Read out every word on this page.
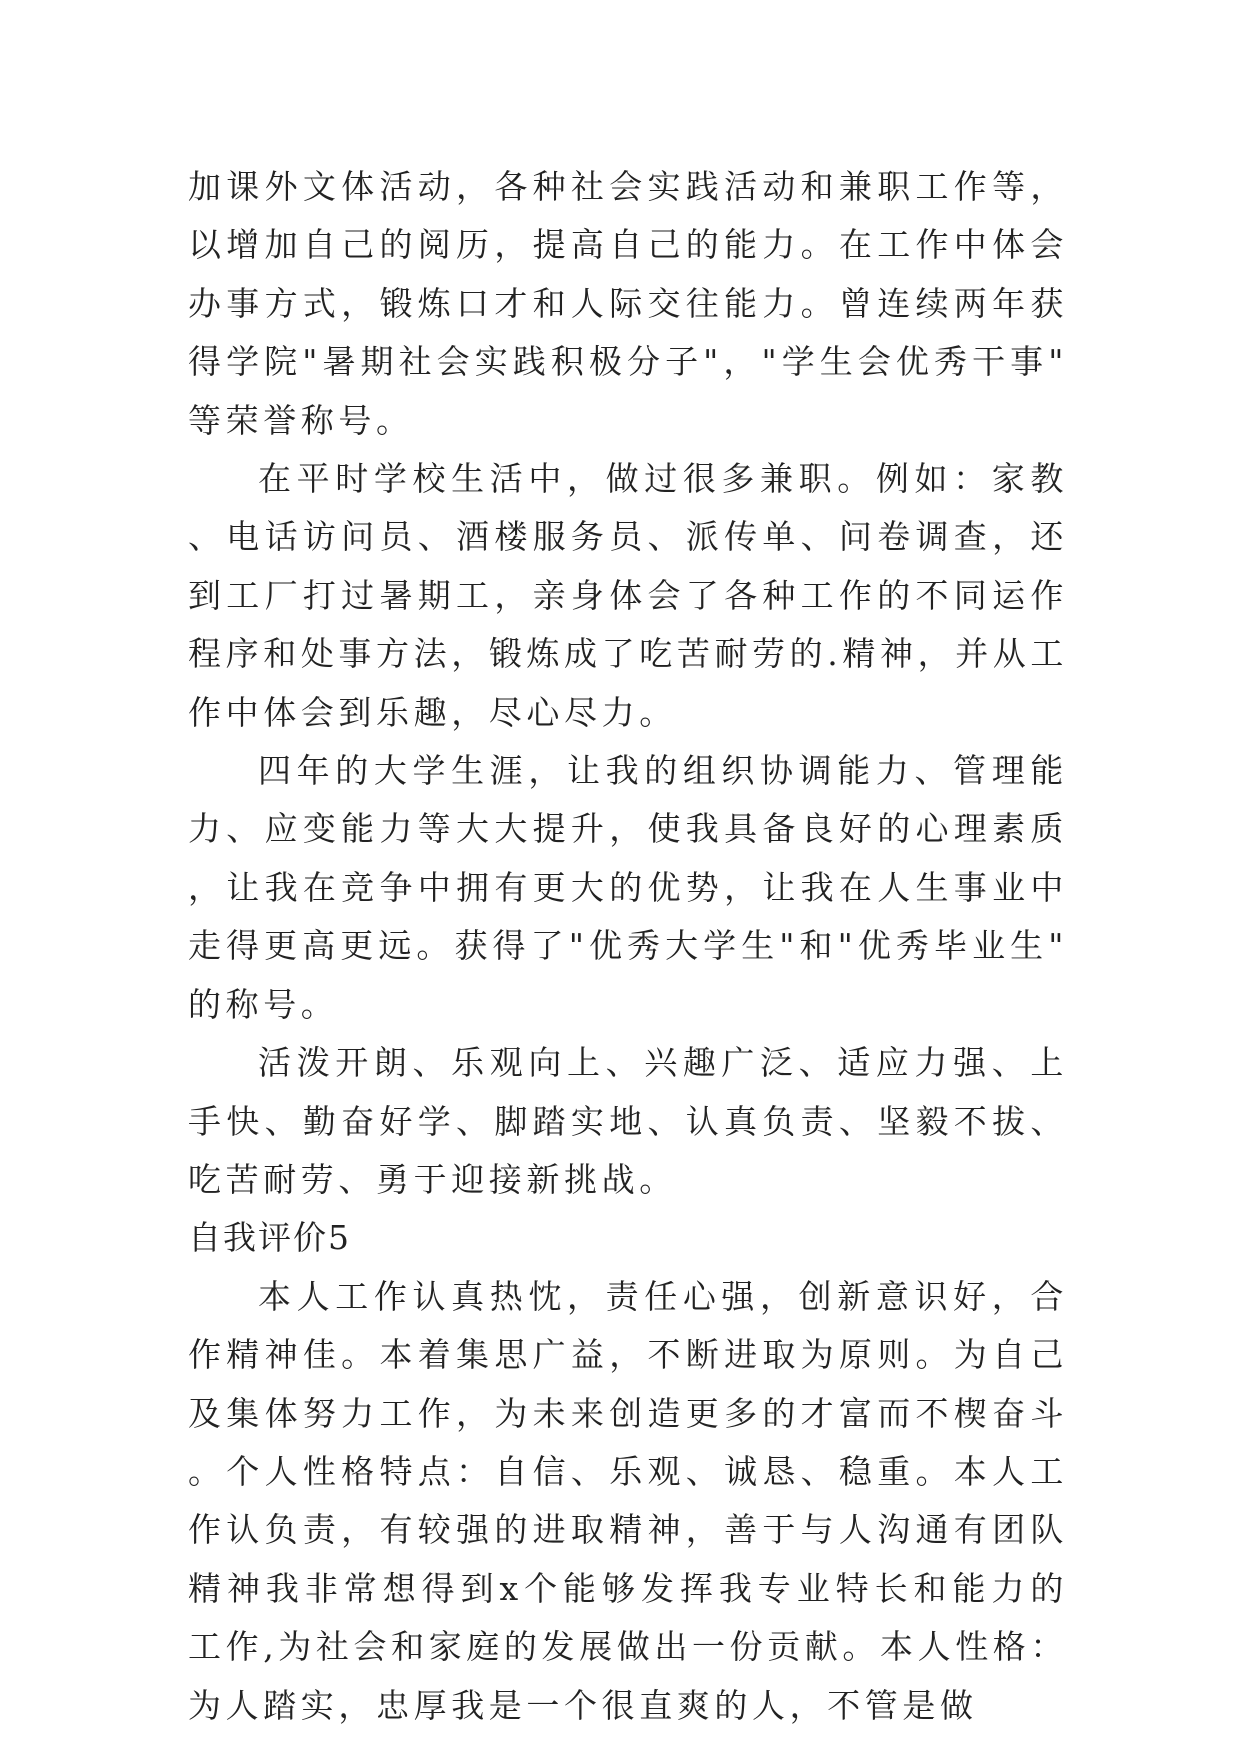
加课外文体活动，各种社会实践活动和兼职工作等，以增加自己的阅历，提高自己的能力。在工作中体会办事方式，锻炼口才和人际交往能力。曾连续两年获得学院"暑期社会实践积极分子"，"学生会优秀干事"等荣誉称号。

在平时学校生活中，做过很多兼职。例如：家教、电话访问员、酒楼服务员、派传单、问卷调查，还到工厂打过暑期工，亲身体会了各种工作的不同运作程序和处事方法，锻炼成了吃苦耐劳的.精神，并从工作中体会到乐趣，尽心尽力。

四年的大学生涯，让我的组织协调能力、管理能力、应变能力等大大提升，使我具备良好的心理素质，让我在竞争中拥有更大的优势，让我在人生事业中走得更高更远。获得了"优秀大学生"和"优秀毕业生"的称号。

活泼开朗、乐观向上、兴趣广泛、适应力强、上手快、勤奋好学、脚踏实地、认真负责、坚毅不拔、吃苦耐劳、勇于迎接新挑战。

自我评价5

本人工作认真热忱，责任心强，创新意识好，合作精神佳。本着集思广益，不断进取为原则。为自己及集体努力工作，为未来创造更多的才富而不楔奋斗。个人性格特点：自信、乐观、诚恳、稳重。本人工作认负责，有较强的进取精神，善于与人沟通有团队精神我非常想得到x个能够发挥我专业特长和能力的工作,为社会和家庭的发展做出一份贡献。本人性格：为人踏实，忠厚我是一个很直爽的人，不管是做
